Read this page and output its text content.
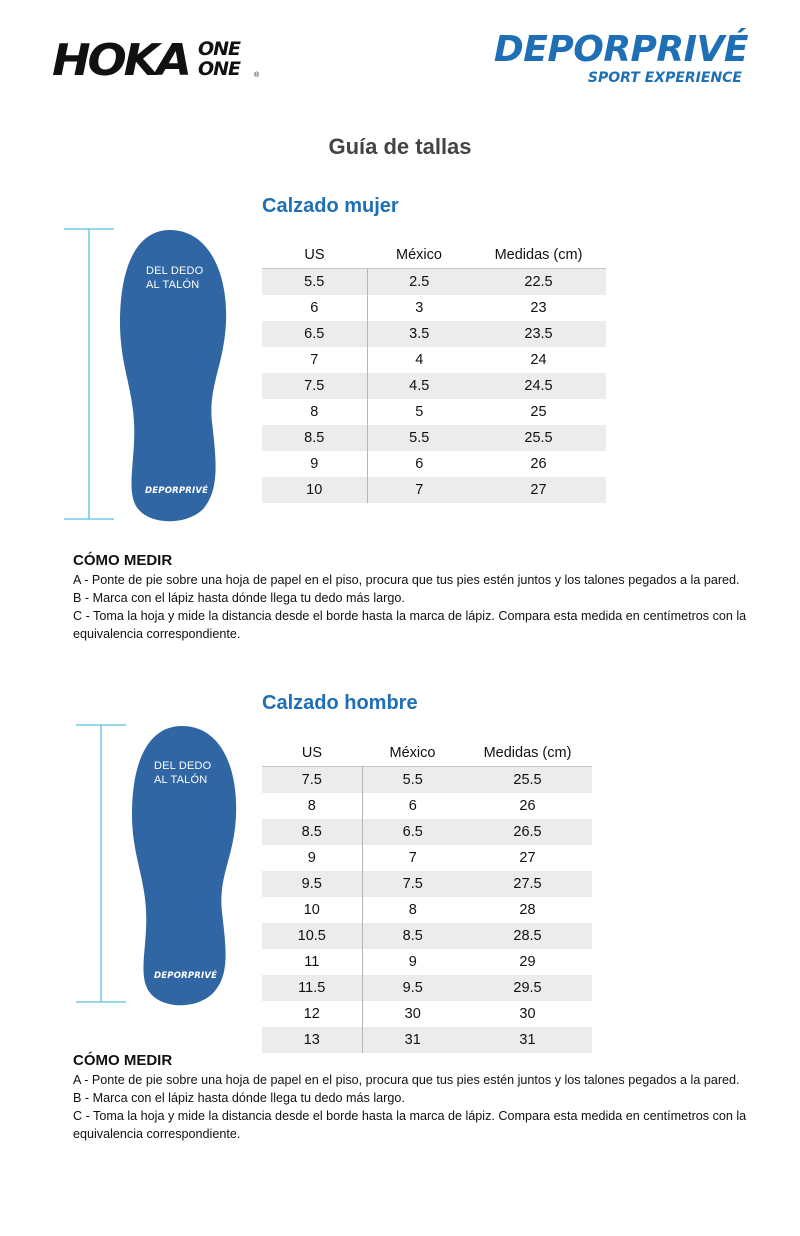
HOKA ONE
ONE ®
DEPORPRIVÉ
SPORT EXPERIENCE
Guía de tallas
Calzado mujer
DEL DEDO
AL TALÓN
DEPORPRIVÉ
US	México	Medidas (cm)
5.5	2.5	22.5
6	3	23
6.5	3.5	23.5
7	4	24
7.5	4.5	24.5
8	5	25
8.5	5.5	25.5
9	6	26
10	7	27
CÓMO MEDIR

A - Ponte de pie sobre una hoja de papel en el piso, procura que tus pies estén juntos y los talones pegados a la pared.

B - Marca con el lápiz hasta dónde llega tu dedo más largo.

C - Toma la hoja y mide la distancia desde el borde hasta la marca de lápiz. Compara esta medida en centímetros con la equivalencia correspondiente.

Calzado hombre
DEL DEDO
AL TALÓN
DEPORPRIVÉ
US	México	Medidas (cm)
7.5	5.5	25.5
8	6	26
8.5	6.5	26.5
9	7	27
9.5	7.5	27.5
10	8	28
10.5	8.5	28.5
11	9	29
11.5	9.5	29.5
12	30	30
13	31	31
CÓMO MEDIR

A - Ponte de pie sobre una hoja de papel en el piso, procura que tus pies estén juntos y los talones pegados a la pared.

B - Marca con el lápiz hasta dónde llega tu dedo más largo.

C - Toma la hoja y mide la distancia desde el borde hasta la marca de lápiz. Compara esta medida en centímetros con la equivalencia correspondiente.
